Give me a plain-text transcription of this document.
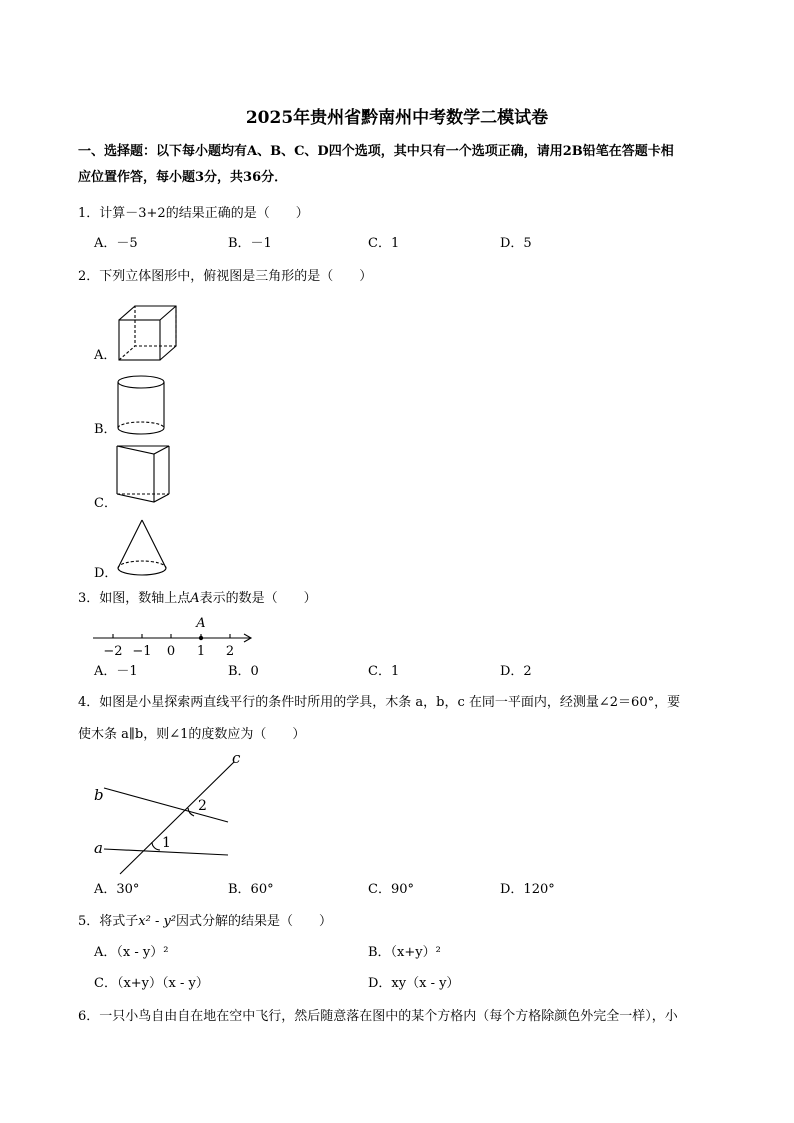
2025年贵州省黔南州中考数学二模试卷
一、选择题：以下每小题均有A、B、C、D四个选项，其中只有一个选项正确，请用2B铅笔在答题卡相
应位置作答，每小题3分，共36分．
1．计算－3+2的结果正确的是（　　）
A．－5	B．－1	C．1	D．5
2．下列立体图形中，俯视图是三角形的是（　　）
A．
B．
C．
D．
3．如图，数轴上点A表示的数是（　　）
A
−2 −1 0 1 2
A．－1	B．0	C．1	D．2
4．如图是小星探索两直线平行的条件时所用的学具，木条 a，b，c 在同一平面内，经测量∠2＝60°，要
使木条 a∥b，则∠1的度数应为（　　）
b
a
c
2
1
A．30°	B．60°	C．90°	D．120°
5．将式子x² - y²因式分解的结果是（　　）
A．（x - y）²	B．（x+y）²
C．（x+y）（x - y）	D．xy（x - y）
6．一只小鸟自由自在地在空中飞行，然后随意落在图中的某个方格内（每个方格除颜色外完全一样），小
